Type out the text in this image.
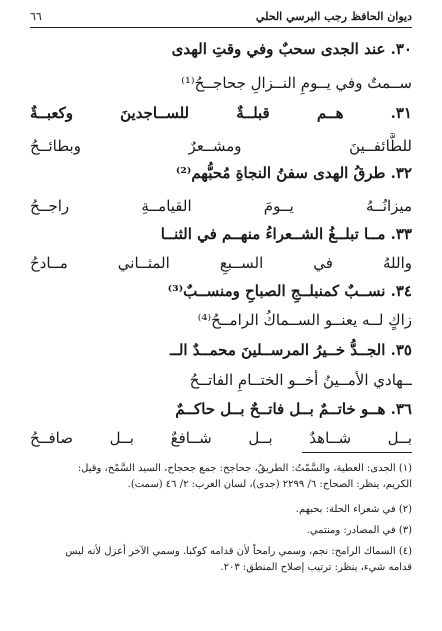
ديوان الحافظ رجب البرسي الحلي
٦٦
٣٠. عند الجدى سحبٌ وفي وقتِ الهدى
ســمتٌ وفي يــومِ النــزالِ جحاجــحُ⁽¹⁾
٣١. هــم قبلــةٌ للســاجدينَ وكعبــةٌ
للطَّائفــينَ ومشــعرٌ وبطائــحُ
٣٢. طرقُ الهدى سفنُ النجاةِ مُحبُّهم⁽²⁾
ميزانُــهُ يــومَ القيامــةِ راجــحُ
٣٣. مــا تبلــغُ الشــعراءُ منهــم في الثنــا
واللهُ في الســبعِ المثــاني مــادحُ
٣٤. نســبٌ كمنبلــجِ الصباحِ ومنســبٌ⁽³⁾
زاكٍ لــه يعنــو الســماكُ الرامــحُ⁽⁴⁾
٣٥. الجــدُّ خــيرُ المرســلينَ محمــدٌ الــ
ــهادي الأمــينُ أخــو الختــامِ الفاتــحُ
٣٦. هــو خاتــمٌ بــل فاتــحٌ بــل حاكــمٌ
بــل شــاهدٌ بــل شــافعٌ بــل صافــحُ

(١) الجدى: العطية، والسَّمْتُ: الطريقُ، جحاجح: جمع جحجاح، السيد السَّمْح، وقيل:

الكريم، ينظر: الصحاح: ٦/ ٢٢٩٩ (جدى)، لسان العرب: ٢/ ٤٦ (سمت).

(٢) في شعراء الحلة: بحبهم.

(٣) في المصادر: ومنتمي.

(٤) السماك الرامح: نجم، وسمي رامحاً لأن قدامه كوكبا. وسمي الآخر أعزل لأنه ليس

قدامه شيء، ينظر: ترتيب إصلاح المنطق: ٢٠٣.
